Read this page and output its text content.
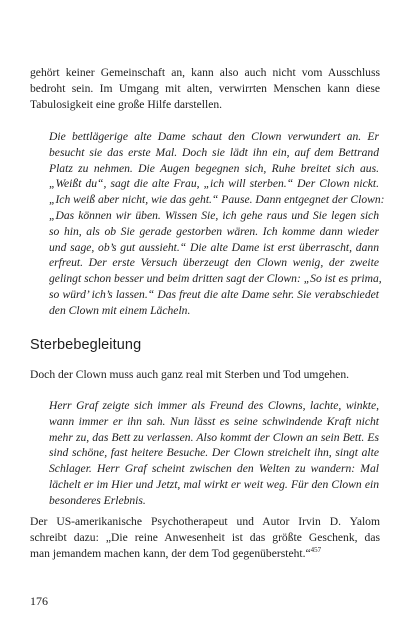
gehört keiner Gemeinschaft an, kann also auch nicht vom Ausschluss
bedroht sein. Im Umgang mit alten, verwirrten Menschen kann diese
Tabulosigkeit eine große Hilfe darstellen.
Die bettlägerige alte Dame schaut den Clown verwundert an. Er
besucht sie das erste Mal. Doch sie lädt ihn ein, auf dem Bettrand
Platz zu nehmen. Die Augen begegnen sich, Ruhe breitet sich aus.
„Weißt du“, sagt die alte Frau, „ich will sterben.“ Der Clown nickt.
„Ich weiß aber nicht, wie das geht.“ Pause. Dann entgegnet der Clown:
„Das können wir üben. Wissen Sie, ich gehe raus und Sie legen sich
so hin, als ob Sie gerade gestorben wären. Ich komme dann wieder
und sage, ob’s gut aussieht.“ Die alte Dame ist erst überrascht, dann
erfreut. Der erste Versuch überzeugt den Clown wenig, der zweite
gelingt schon besser und beim dritten sagt der Clown: „So ist es prima,
so würd’ ich’s lassen.“ Das freut die alte Dame sehr. Sie verabschiedet
den Clown mit einem Lächeln.
Sterbebegleitung
Doch der Clown muss auch ganz real mit Sterben und Tod umgehen.
Herr Graf zeigte sich immer als Freund des Clowns, lachte, winkte,
wann immer er ihn sah. Nun lässt es seine schwindende Kraft nicht
mehr zu, das Bett zu verlassen. Also kommt der Clown an sein Bett. Es
sind schöne, fast heitere Besuche. Der Clown streichelt ihn, singt alte
Schlager. Herr Graf scheint zwischen den Welten zu wandern: Mal
lächelt er im Hier und Jetzt, mal wirkt er weit weg. Für den Clown ein
besonderes Erlebnis.
Der US-amerikanische Psychotherapeut und Autor Irvin D. Yalom
schreibt dazu: „Die reine Anwesenheit ist das größte Geschenk, das
man jemandem machen kann, der dem Tod gegenübersteht.“$^{457}$
176
